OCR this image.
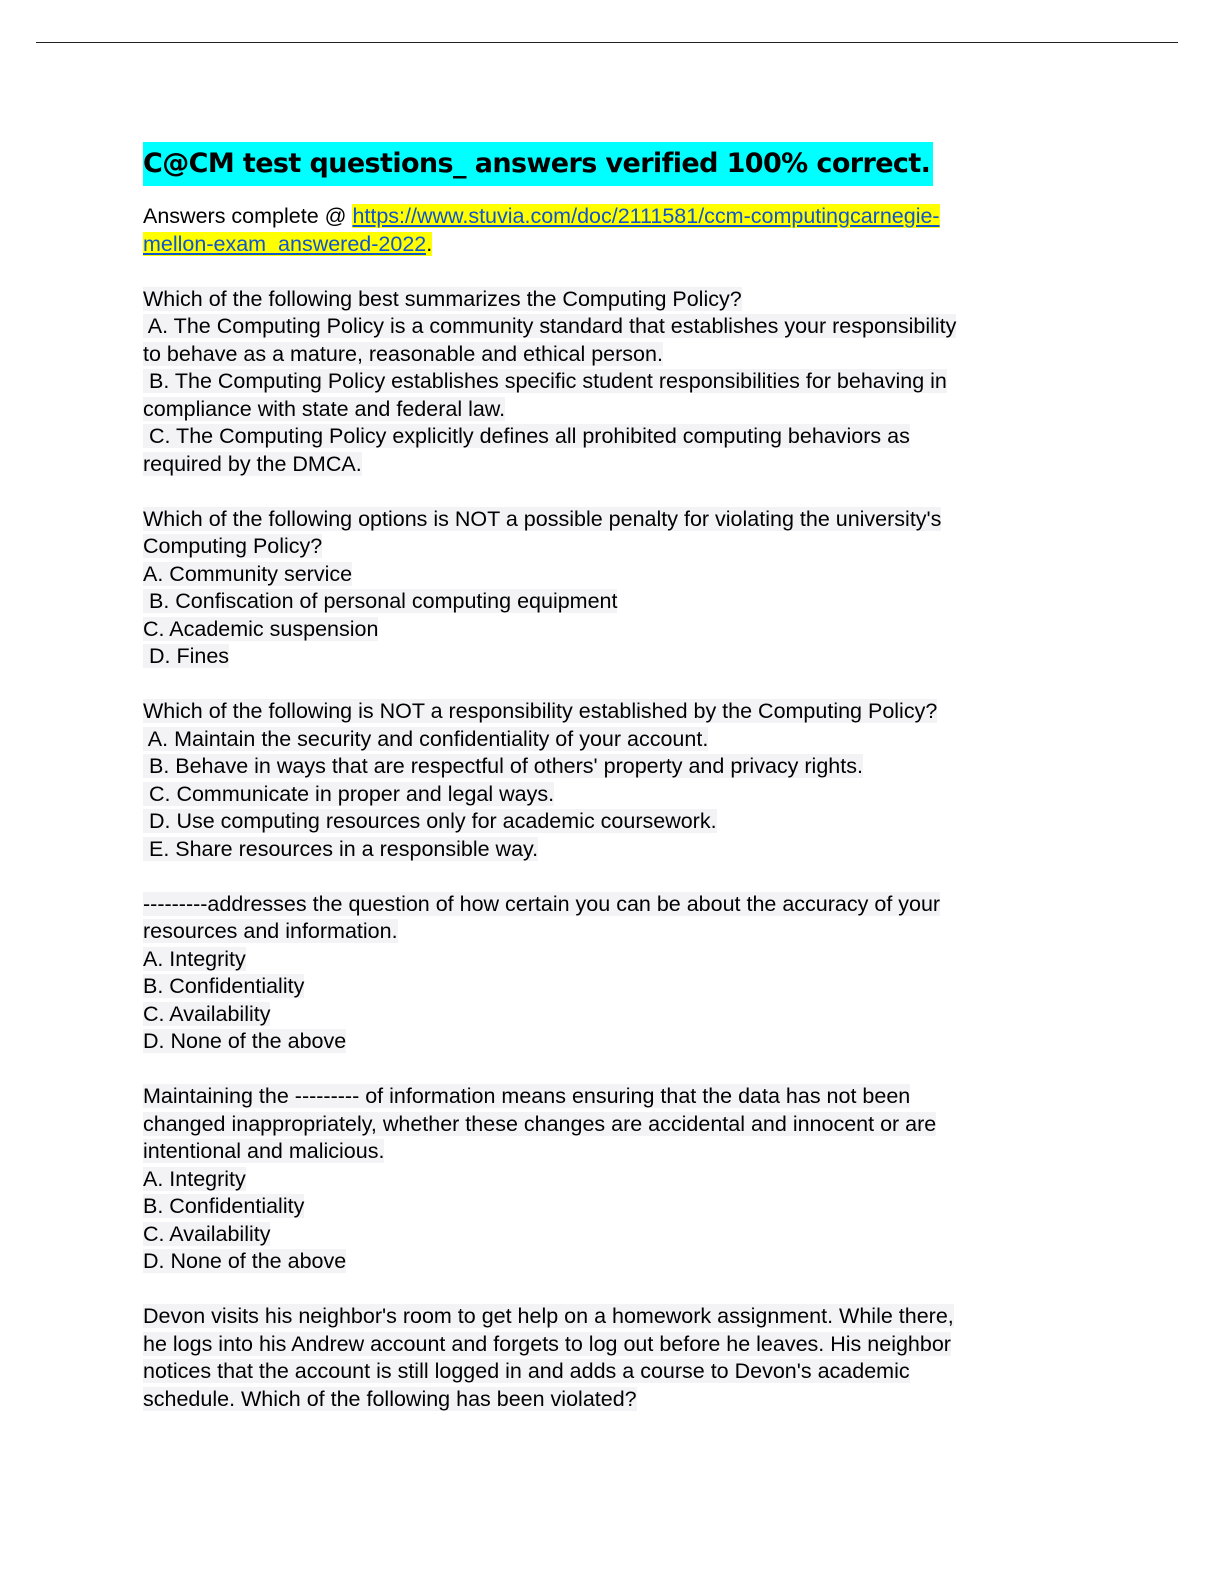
C@CM test questions_ answers verified 100% correct.
Answers complete @ https://www.stuvia.com/doc/2111581/ccm-computingcarnegie-
mellon-exam_answered-2022.
Which of the following best summarizes the Computing Policy?
A. The Computing Policy is a community standard that establishes your responsibility
to behave as a mature, reasonable and ethical person.
B. The Computing Policy establishes specific student responsibilities for behaving in
compliance with state and federal law.
C. The Computing Policy explicitly defines all prohibited computing behaviors as
required by the DMCA.
Which of the following options is NOT a possible penalty for violating the university's
Computing Policy?
A. Community service
B. Confiscation of personal computing equipment
C. Academic suspension
D. Fines
Which of the following is NOT a responsibility established by the Computing Policy?
A. Maintain the security and confidentiality of your account.
B. Behave in ways that are respectful of others' property and privacy rights.
C. Communicate in proper and legal ways.
D. Use computing resources only for academic coursework.
E. Share resources in a responsible way.
---------addresses the question of how certain you can be about the accuracy of your
resources and information.
A. Integrity
B. Confidentiality
C. Availability
D. None of the above
Maintaining the --------- of information means ensuring that the data has not been
changed inappropriately, whether these changes are accidental and innocent or are
intentional and malicious.
A. Integrity
B. Confidentiality
C. Availability
D. None of the above
Devon visits his neighbor's room to get help on a homework assignment. While there,
he logs into his Andrew account and forgets to log out before he leaves. His neighbor
notices that the account is still logged in and adds a course to Devon's academic
schedule. Which of the following has been violated?
